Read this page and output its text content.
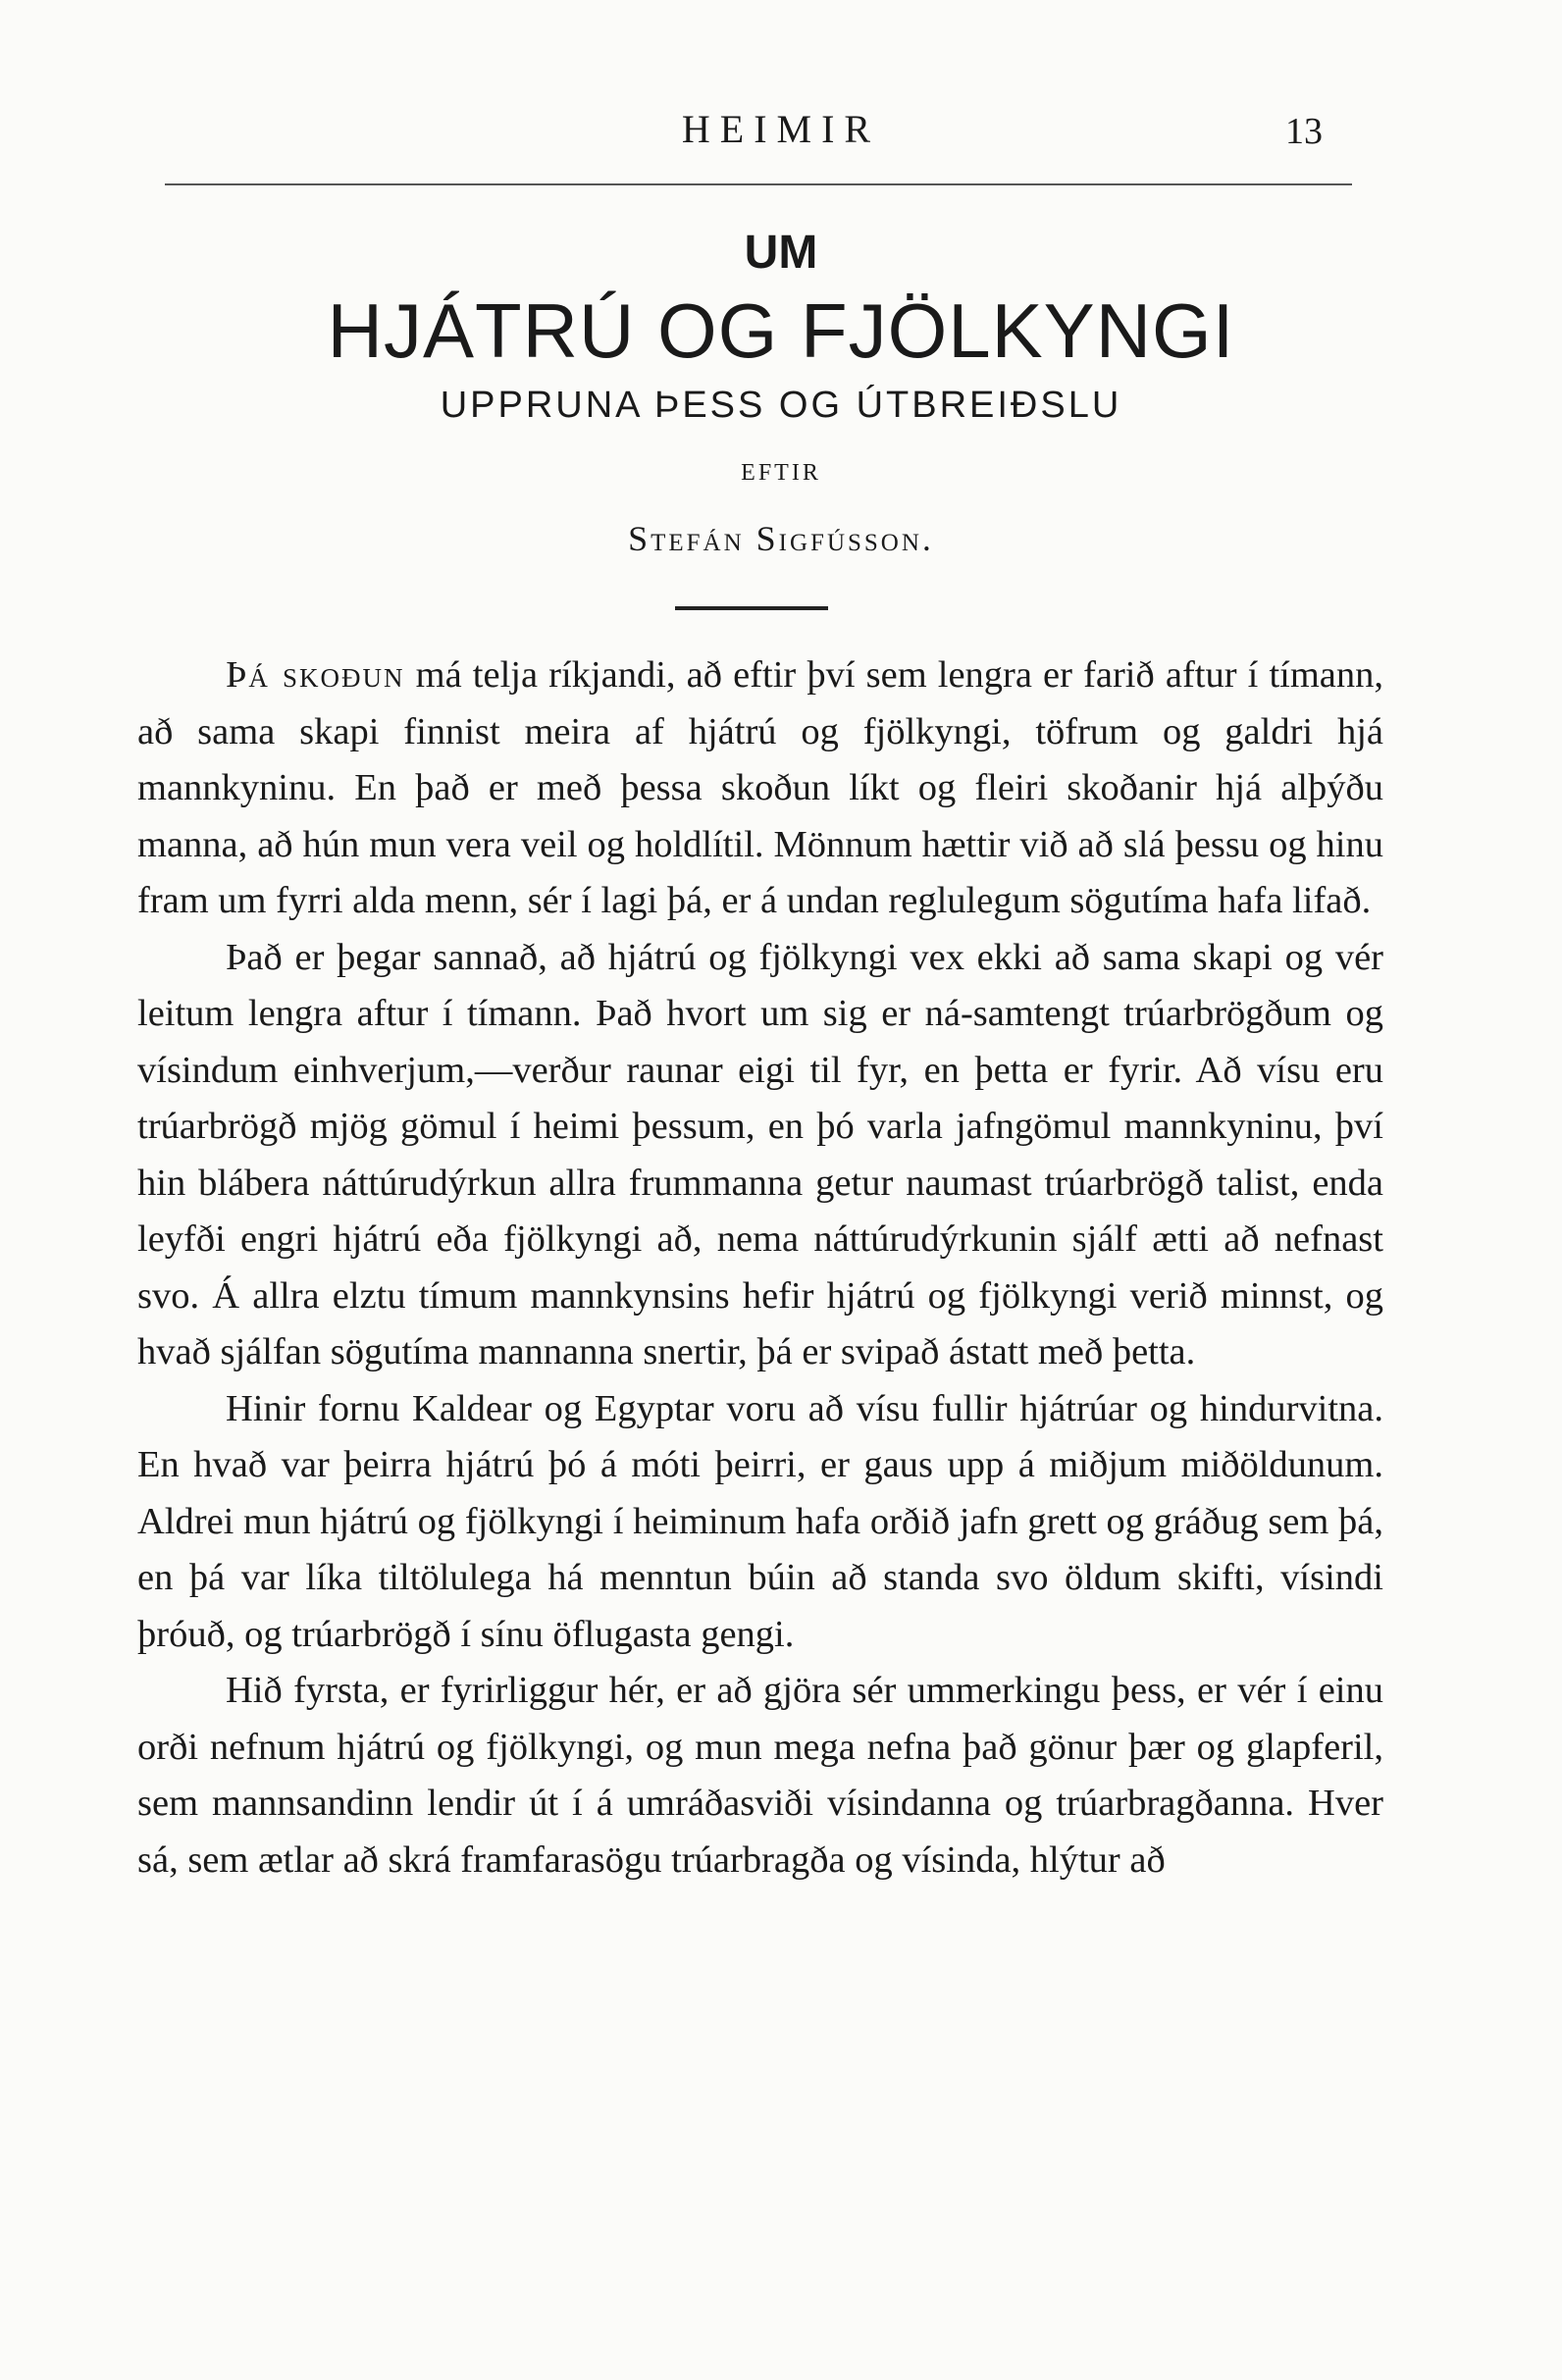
HEIMIR	13
UM
HJÁTRÚ OG FJÖLKYNGI
UPPRUNA ÞESS OG ÚTBREIÐSLU
EFTIR
Stefán Sigfússon.

Þá skoðun má telja ríkjandi, að eftir því sem lengra er farið aftur í tímann, að sama skapi finnist meira af hjátrú og fjölkyngi, töfrum og galdri hjá mannkyninu. En það er með þessa skoðun líkt og fleiri skoðanir hjá alþýðu manna, að hún mun vera veil og holdlítil. Mönnum hættir við að slá þessu og hinu fram um fyrri alda menn, sér í lagi þá, er á undan reglulegum sögutíma hafa lifað.

Það er þegar sannað, að hjátrú og fjölkyngi vex ekki að sama skapi og vér leitum lengra aftur í tímann. Það hvort um sig er ná-samtengt trúarbrögðum og vísindum einhverjum,—verður raunar eigi til fyr, en þetta er fyrir. Að vísu eru trúarbrögð mjög gömul í heimi þessum, en þó varla jafngömul mannkyninu, því hin blábera náttúrudýrkun allra frummanna getur naumast trúarbrögð talist, enda leyfði engri hjátrú eða fjölkyngi að, nema náttúrudýrkunin sjálf ætti að nefnast svo. Á allra elztu tímum mannkynsins hefir hjátrú og fjölkyngi verið minnst, og hvað sjálfan sögutíma mannanna snertir, þá er svipað ástatt með þetta.

Hinir fornu Kaldear og Egyptar voru að vísu fullir hjátrúar og hindurvitna. En hvað var þeirra hjátrú þó á móti þeirri, er gaus upp á miðjum miðöldunum. Aldrei mun hjátrú og fjölkyngi í heiminum hafa orðið jafn grett og gráðug sem þá, en þá var líka tiltölulega há menntun búin að standa svo öldum skifti, vísindi þróuð, og trúarbrögð í sínu öflugasta gengi.

Hið fyrsta, er fyrirliggur hér, er að gjöra sér ummerkingu þess, er vér í einu orði nefnum hjátrú og fjölkyngi, og mun mega nefna það gönur þær og glapferil, sem mannsandinn lendir út í á umráðasviði vísindanna og trúarbragðanna. Hver sá, sem ætlar að skrá framfarasögu trúarbragða og vísinda, hlýtur að
